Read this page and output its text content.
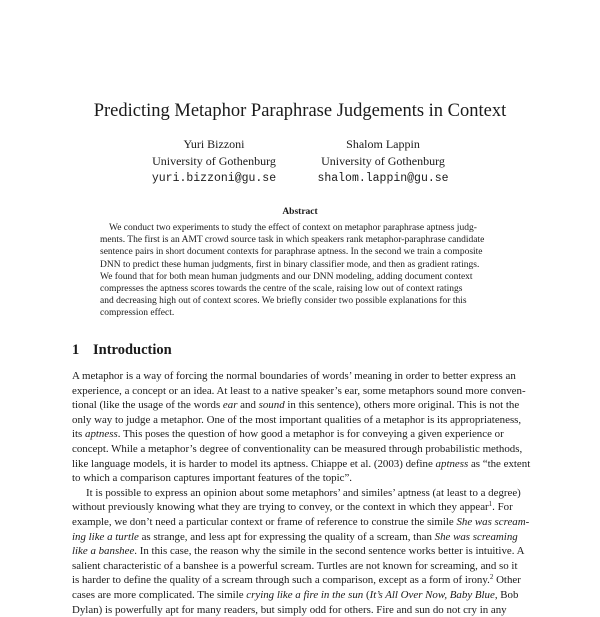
Predicting Metaphor Paraphrase Judgements in Context
Yuri Bizzoni
University of Gothenburg
yuri.bizzoni@gu.se
Shalom Lappin
University of Gothenburg
shalom.lappin@gu.se
Abstract
We conduct two experiments to study the effect of context on metaphor paraphrase aptness judg-
ments. The first is an AMT crowd source task in which speakers rank metaphor-paraphrase candidate
sentence pairs in short document contexts for paraphrase aptness. In the second we train a composite
DNN to predict these human judgments, first in binary classifier mode, and then as gradient ratings.
We found that for both mean human judgments and our DNN modeling, adding document context
compresses the aptness scores towards the centre of the scale, raising low out of context ratings
and decreasing high out of context scores. We briefly consider two possible explanations for this
compression effect.
1 Introduction
A metaphor is a way of forcing the normal boundaries of words’ meaning in order to better express an
experience, a concept or an idea. At least to a native speaker’s ear, some metaphors sound more conven-
tional (like the usage of the words ear and sound in this sentence), others more original. This is not the
only way to judge a metaphor. One of the most important qualities of a metaphor is its appropriateness,
its aptness. This poses the question of how good a metaphor is for conveying a given experience or
concept. While a metaphor’s degree of conventionality can be measured through probabilistic methods,
like language models, it is harder to model its aptness. Chiappe et al. (2003) define aptness as “the extent
to which a comparison captures important features of the topic”.
It is possible to express an opinion about some metaphors’ and similes’ aptness (at least to a degree)
without previously knowing what they are trying to convey, or the context in which they appear$^1$. For
example, we don’t need a particular context or frame of reference to construe the simile She was scream-
ing like a turtle as strange, and less apt for expressing the quality of a scream, than She was screaming
like a banshee. In this case, the reason why the simile in the second sentence works better is intuitive. A
salient characteristic of a banshee is a powerful scream. Turtles are not known for screaming, and so it
is harder to define the quality of a scream through such a comparison, except as a form of irony.$^2$ Other
cases are more complicated. The simile crying like a fire in the sun (It’s All Over Now, Baby Blue, Bob
Dylan) is powerfully apt for many readers, but simply odd for others. Fire and sun do not cry in any
